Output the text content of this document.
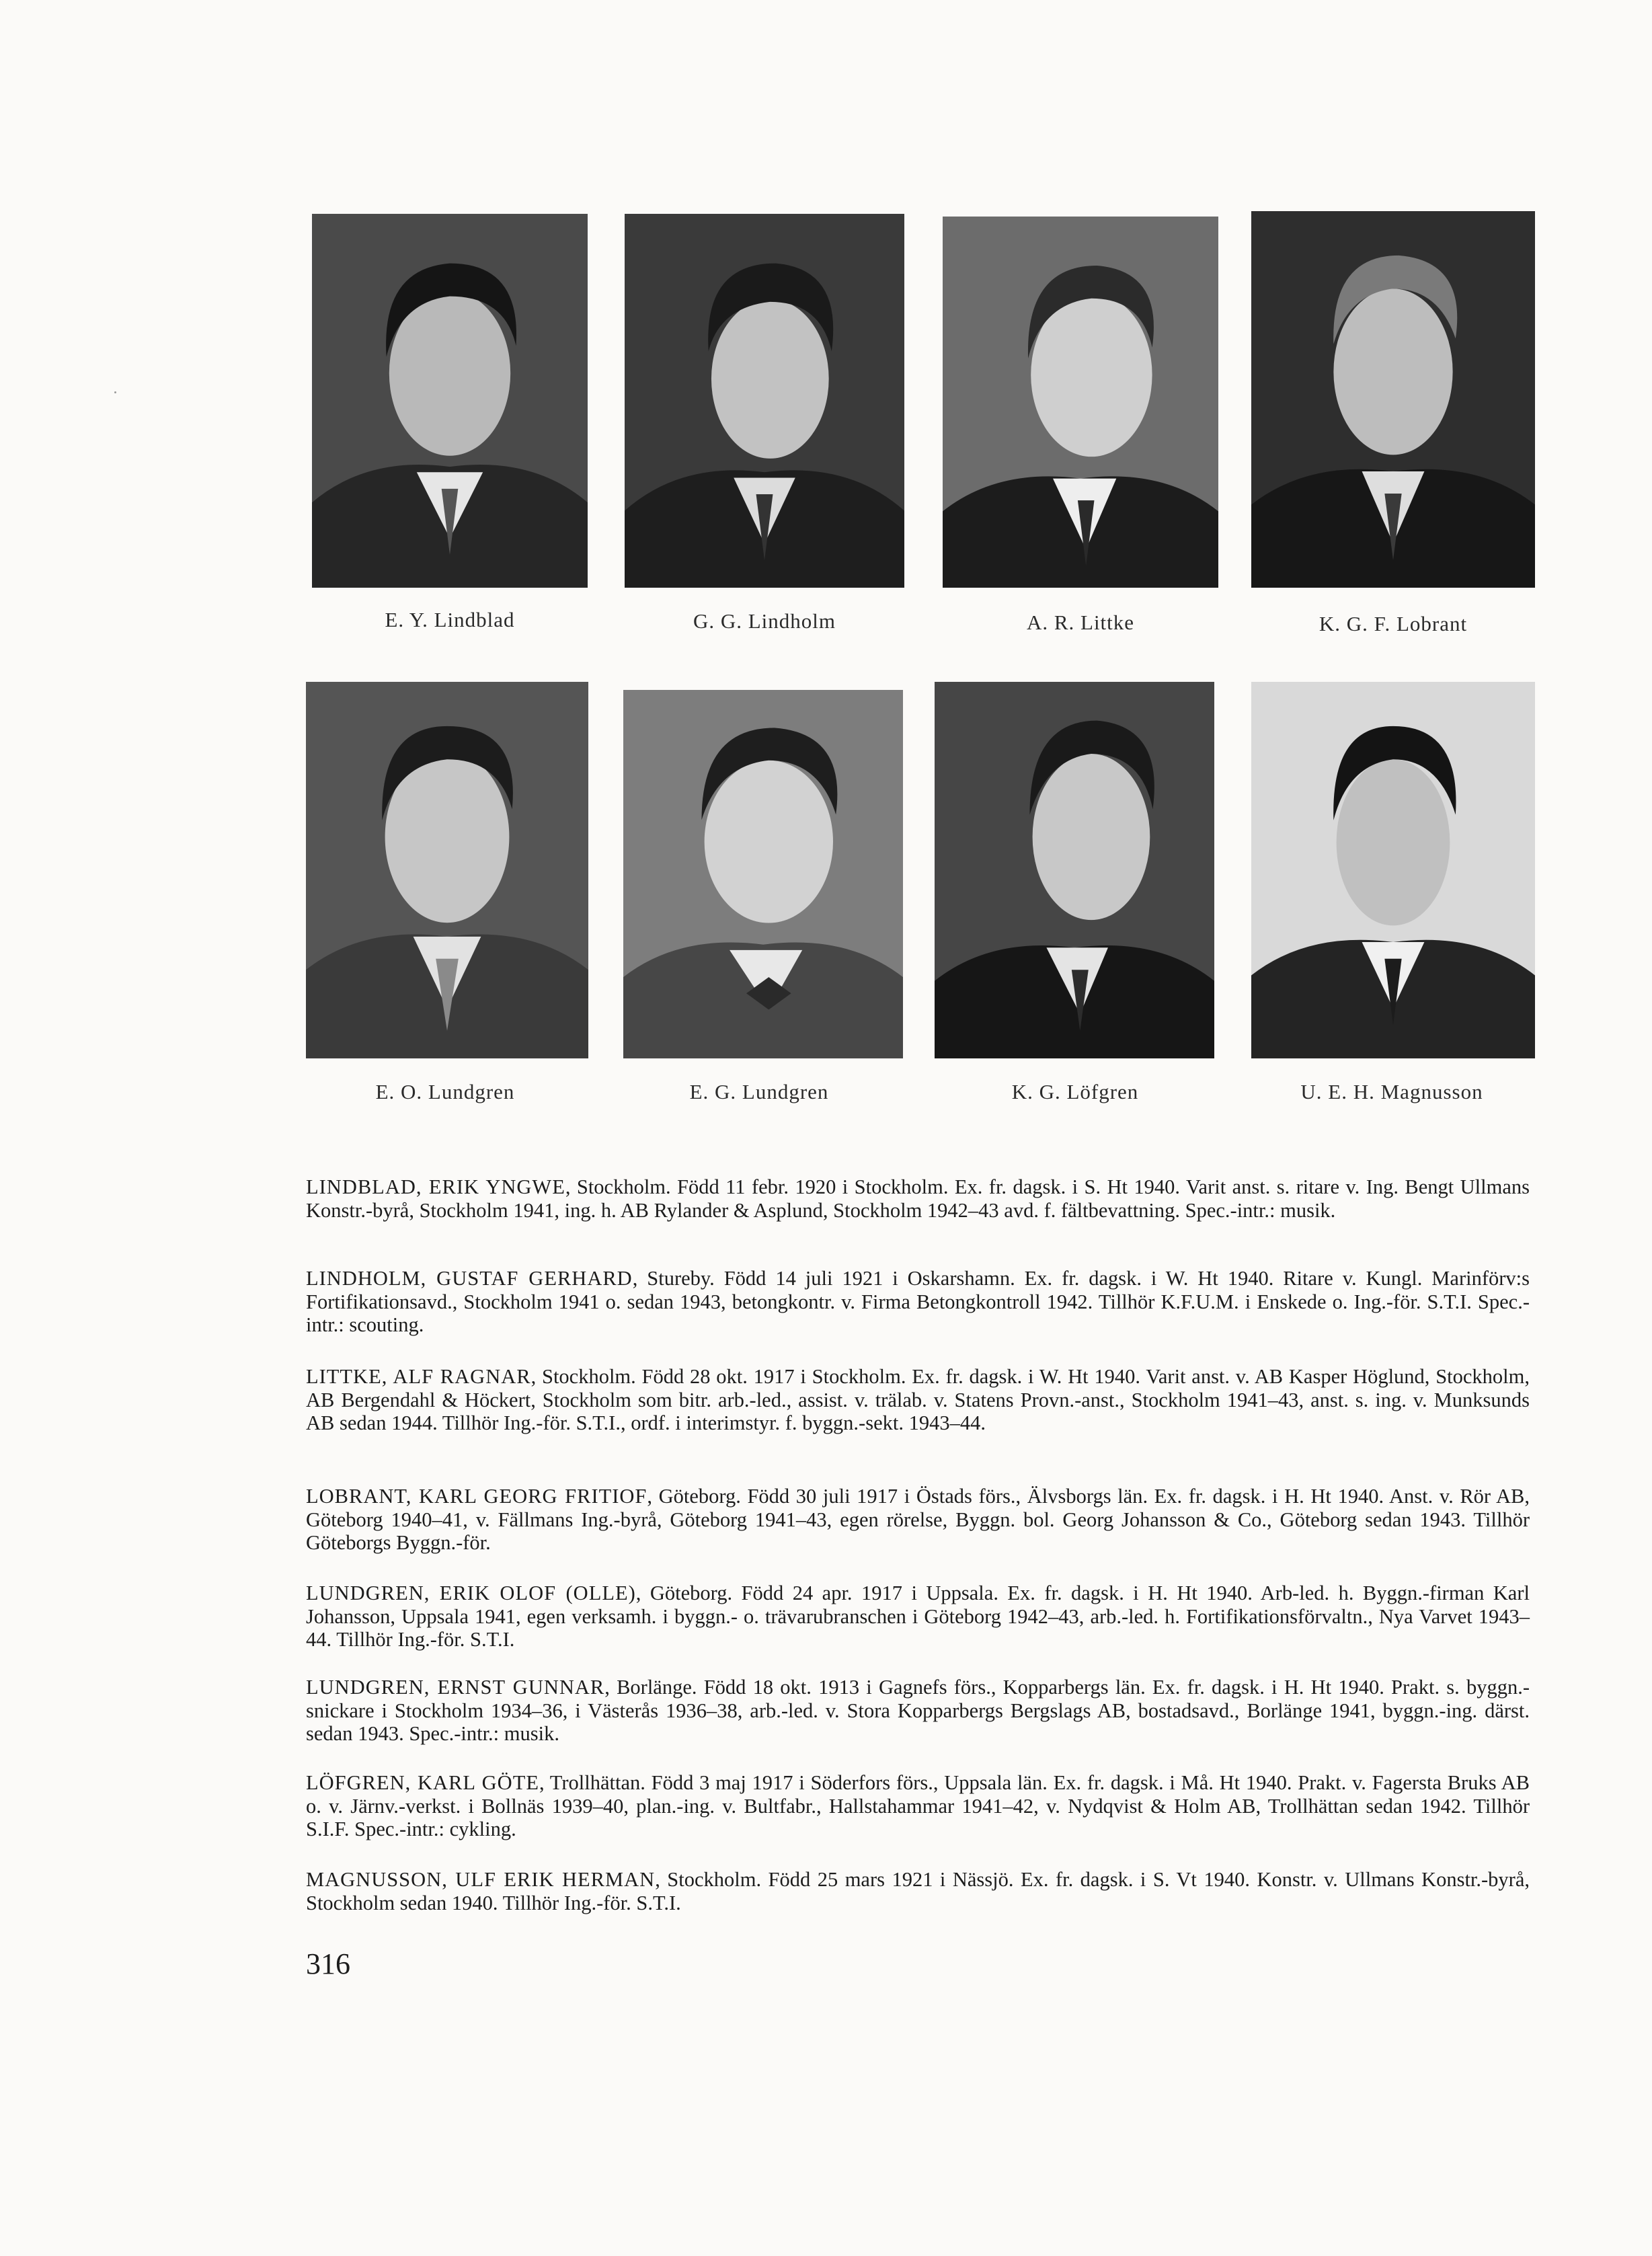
E. Y. Lindblad	G. G. Lindholm	A. R. Littke	K. G. F. Lobrant
E. O. Lundgren	E. G. Lundgren	K. G. Löfgren	U. E. H. Magnusson
LINDBLAD, ERIK YNGWE, Stockholm. Född 11 febr. 1920 i Stockholm. Ex. fr. dagsk. i S. Ht 1940. Varit anst. s. ritare v. Ing. Bengt Ullmans Konstr.-byrå, Stockholm 1941, ing. h. AB Rylander & Asplund, Stockholm 1942–43 avd. f. fältbevattning. Spec.-intr.: musik.
LINDHOLM, GUSTAF GERHARD, Stureby. Född 14 juli 1921 i Oskarshamn. Ex. fr. dagsk. i W. Ht 1940. Ritare v. Kungl. Marinförv:s Fortifikationsavd., Stockholm 1941 o. sedan 1943, betongkontr. v. Firma Betongkontroll 1942. Tillhör K.F.U.M. i Enskede o. Ing.-för. S.T.I. Spec.-intr.: scouting.
LITTKE, ALF RAGNAR, Stockholm. Född 28 okt. 1917 i Stockholm. Ex. fr. dagsk. i W. Ht 1940. Varit anst. v. AB Kasper Höglund, Stockholm, AB Bergendahl & Höckert, Stockholm som bitr. arb.-led., assist. v. trälab. v. Statens Provn.-anst., Stockholm 1941–43, anst. s. ing. v. Munksunds AB sedan 1944. Tillhör Ing.-för. S.T.I., ordf. i interimstyr. f. byggn.-sekt. 1943–44.
LOBRANT, KARL GEORG FRITIOF, Göteborg. Född 30 juli 1917 i Östads förs., Älvsborgs län. Ex. fr. dagsk. i H. Ht 1940. Anst. v. Rör AB, Göteborg 1940–41, v. Fällmans Ing.-byrå, Göteborg 1941–43, egen rörelse, Byggn. bol. Georg Johansson & Co., Göteborg sedan 1943. Tillhör Göteborgs Byggn.-för.
LUNDGREN, ERIK OLOF (OLLE), Göteborg. Född 24 apr. 1917 i Uppsala. Ex. fr. dagsk. i H. Ht 1940. Arb-led. h. Byggn.-firman Karl Johansson, Uppsala 1941, egen verksamh. i byggn.- o. trävarubranschen i Göteborg 1942–43, arb.-led. h. Fortifikationsförvaltn., Nya Varvet 1943–44. Tillhör Ing.-för. S.T.I.
LUNDGREN, ERNST GUNNAR, Borlänge. Född 18 okt. 1913 i Gagnefs förs., Kopparbergs län. Ex. fr. dagsk. i H. Ht 1940. Prakt. s. byggn.-snickare i Stockholm 1934–36, i Västerås 1936–38, arb.-led. v. Stora Kopparbergs Bergslags AB, bostadsavd., Borlänge 1941, byggn.-ing. därst. sedan 1943. Spec.-intr.: musik.
LÖFGREN, KARL GÖTE, Trollhättan. Född 3 maj 1917 i Söderfors förs., Uppsala län. Ex. fr. dagsk. i Må. Ht 1940. Prakt. v. Fagersta Bruks AB o. v. Järnv.-verkst. i Bollnäs 1939–40, plan.-ing. v. Bultfabr., Hallstahammar 1941–42, v. Nydqvist & Holm AB, Trollhättan sedan 1942. Tillhör S.I.F. Spec.-intr.: cykling.
MAGNUSSON, ULF ERIK HERMAN, Stockholm. Född 25 mars 1921 i Nässjö. Ex. fr. dagsk. i S. Vt 1940. Konstr. v. Ullmans Konstr.-byrå, Stockholm sedan 1940. Tillhör Ing.-för. S.T.I.
316
